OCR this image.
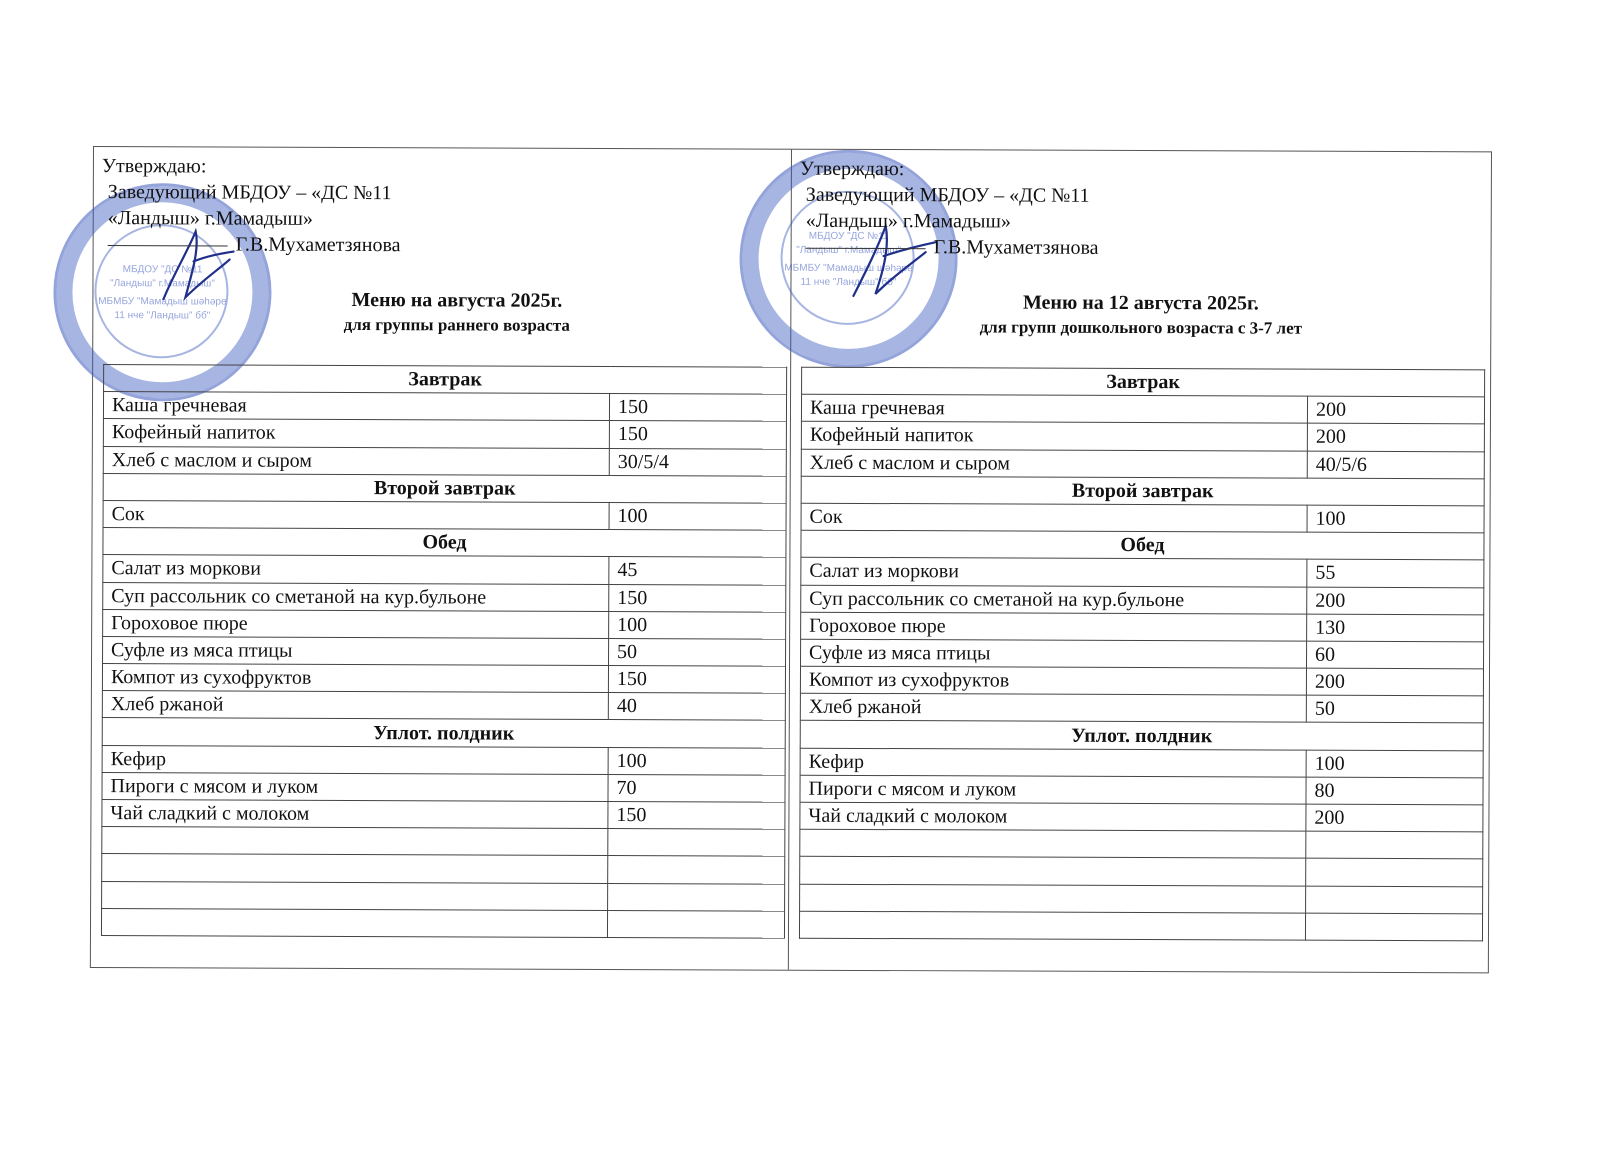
МБДОУ "ДС №11
"Ландыш" г.Мамадыш"
МБМБУ "Мамадыш шәһәре
11 нче "Ландыш" бб"
Утверждаю:
Заведующий МБДОУ – «ДС №11
«Ландыш» г.Мамадыш»
Г.В.Мухаметзянова
Меню на августа 2025г.
для группы раннего возраста
Завтрак	
Каша гречневая	150
Кофейный напиток	150
Хлеб с маслом и сыром	30/5/4
Второй завтрак	
Сок	100
Обед	
Салат из моркови	45
Суп рассольник со сметаной на кур.бульоне	150
Гороховое пюре	100
Суфле из мяса птицы	50
Компот из сухофруктов	150
Хлеб ржаной	40
Уплот. полдник	
Кефир	100
Пироги с мясом и луком	70
Чай сладкий с молоком	150

МБДОУ "ДС №11
"Ландыш" г.Мамадыш"
МБМБУ "Мамадыш шәһәре
11 нче "Ландыш" бб"
Утверждаю:
Заведующий МБДОУ – «ДС №11
«Ландыш» г.Мамадыш»
Г.В.Мухаметзянова
Меню на 12 августа 2025г.
для групп дошкольного возраста с 3-7 лет
Завтрак	
Каша гречневая	200
Кофейный напиток	200
Хлеб с маслом и сыром	40/5/6
Второй завтрак	
Сок	100
Обед	
Салат из моркови	55
Суп рассольник со сметаной на кур.бульоне	200
Гороховое пюре	130
Суфле из мяса птицы	60
Компот из сухофруктов	200
Хлеб ржаной	50
Уплот. полдник	
Кефир	100
Пироги с мясом и луком	80
Чай сладкий с молоком	200
